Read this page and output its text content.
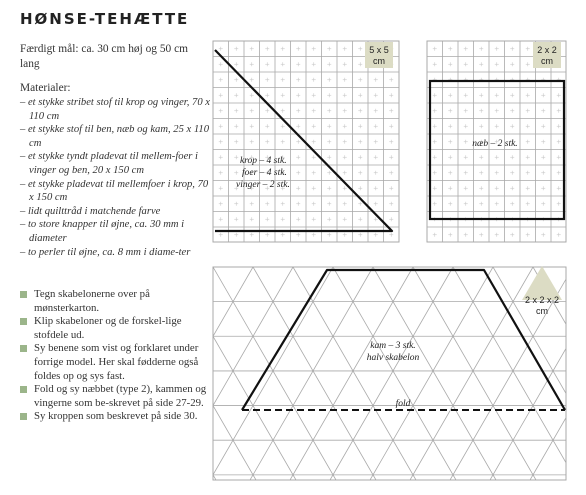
HØNSE-TEHÆTTE
Færdigt mål: ca. 30 cm høj og 50 cm lang
Materialer:
– et stykke stribet stof til krop og vinger, 70 x 110 cm
– et stykke stof til ben, næb og kam, 25 x 110 cm
– et stykke tyndt pladevat til mellem-foer i vinger og ben, 20 x 150 cm
– et stykke pladevat til mellemfoer i krop, 70 x 150 cm
– lidt quilttråd i matchende farve
– to store knapper til øjne, ca. 30 mm i diameter
– to perler til øjne, ca. 8 mm i diame-ter
Tegn skabelonerne over på mønsterkarton.
Klip skabeloner og de forskel-lige stofdele ud.
Sy benene som vist og forklaret under forrige model. Her skal fødderne også foldes op og sys fast.
Fold og sy næbbet (type 2), kammen og vingerne som be-skrevet på side 27-29.
Sy kroppen som beskrevet på side 30.
5 x 5
cm
krop – 4 stk.
foer – 4 stk.
vinger – 2 stk.
2 x 2
cm
næb – 2 stk.
2 x 2 x 2
cm
kam – 3 stk.
halv skabelon
fold
